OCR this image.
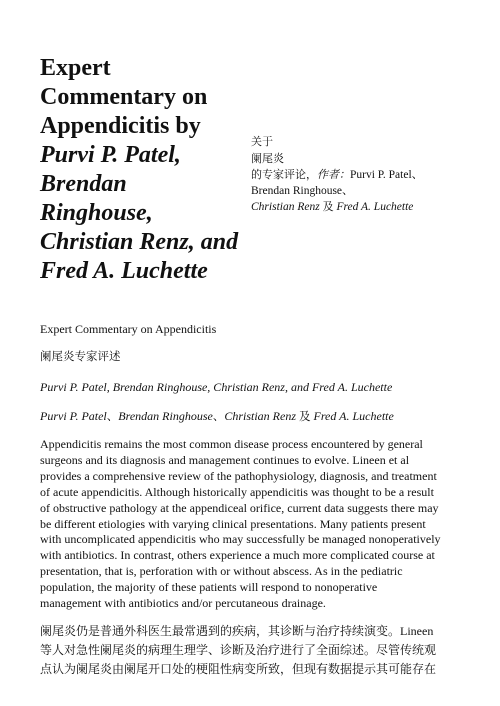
Expert
Commentary on
Appendicitis by
Purvi P. Patel,
Brendan
Ringhouse,
Christian Renz, and
Fred A. Luchette
关于
阑尾炎
的专家评论，作者：Purvi P. Patel、
Brendan Ringhouse、
Christian Renz 及 Fred A. Luchette

Expert Commentary on Appendicitis

阑尾炎专家评述

Purvi P. Patel, Brendan Ringhouse, Christian Renz, and Fred A. Luchette

Purvi P. Patel、Brendan Ringhouse、Christian Renz 及 Fred A. Luchette

Appendicitis remains the most common disease process encountered by general
surgeons and its diagnosis and management continues to evolve. Lineen et al
provides a comprehensive review of the pathophysiology, diagnosis, and treatment
of acute appendicitis. Although historically appendicitis was thought to be a result
of obstructive pathology at the appendiceal orifice, current data suggests there may
be different etiologies with varying clinical presentations. Many patients present
with uncomplicated appendicitis who may successfully be managed nonoperatively
with antibiotics. In contrast, others experience a much more complicated course at
presentation, that is, perforation with or without abscess. As in the pediatric
population, the majority of these patients will respond to nonoperative
management with antibiotics and/or percutaneous drainage.
阑尾炎仍是普通外科医生最常遇到的疾病，其诊断与治疗持续演变。Lineen
等人对急性阑尾炎的病理生理学、诊断及治疗进行了全面综述。尽管传统观
点认为阑尾炎由阑尾开口处的梗阻性病变所致，但现有数据提示其可能存在
